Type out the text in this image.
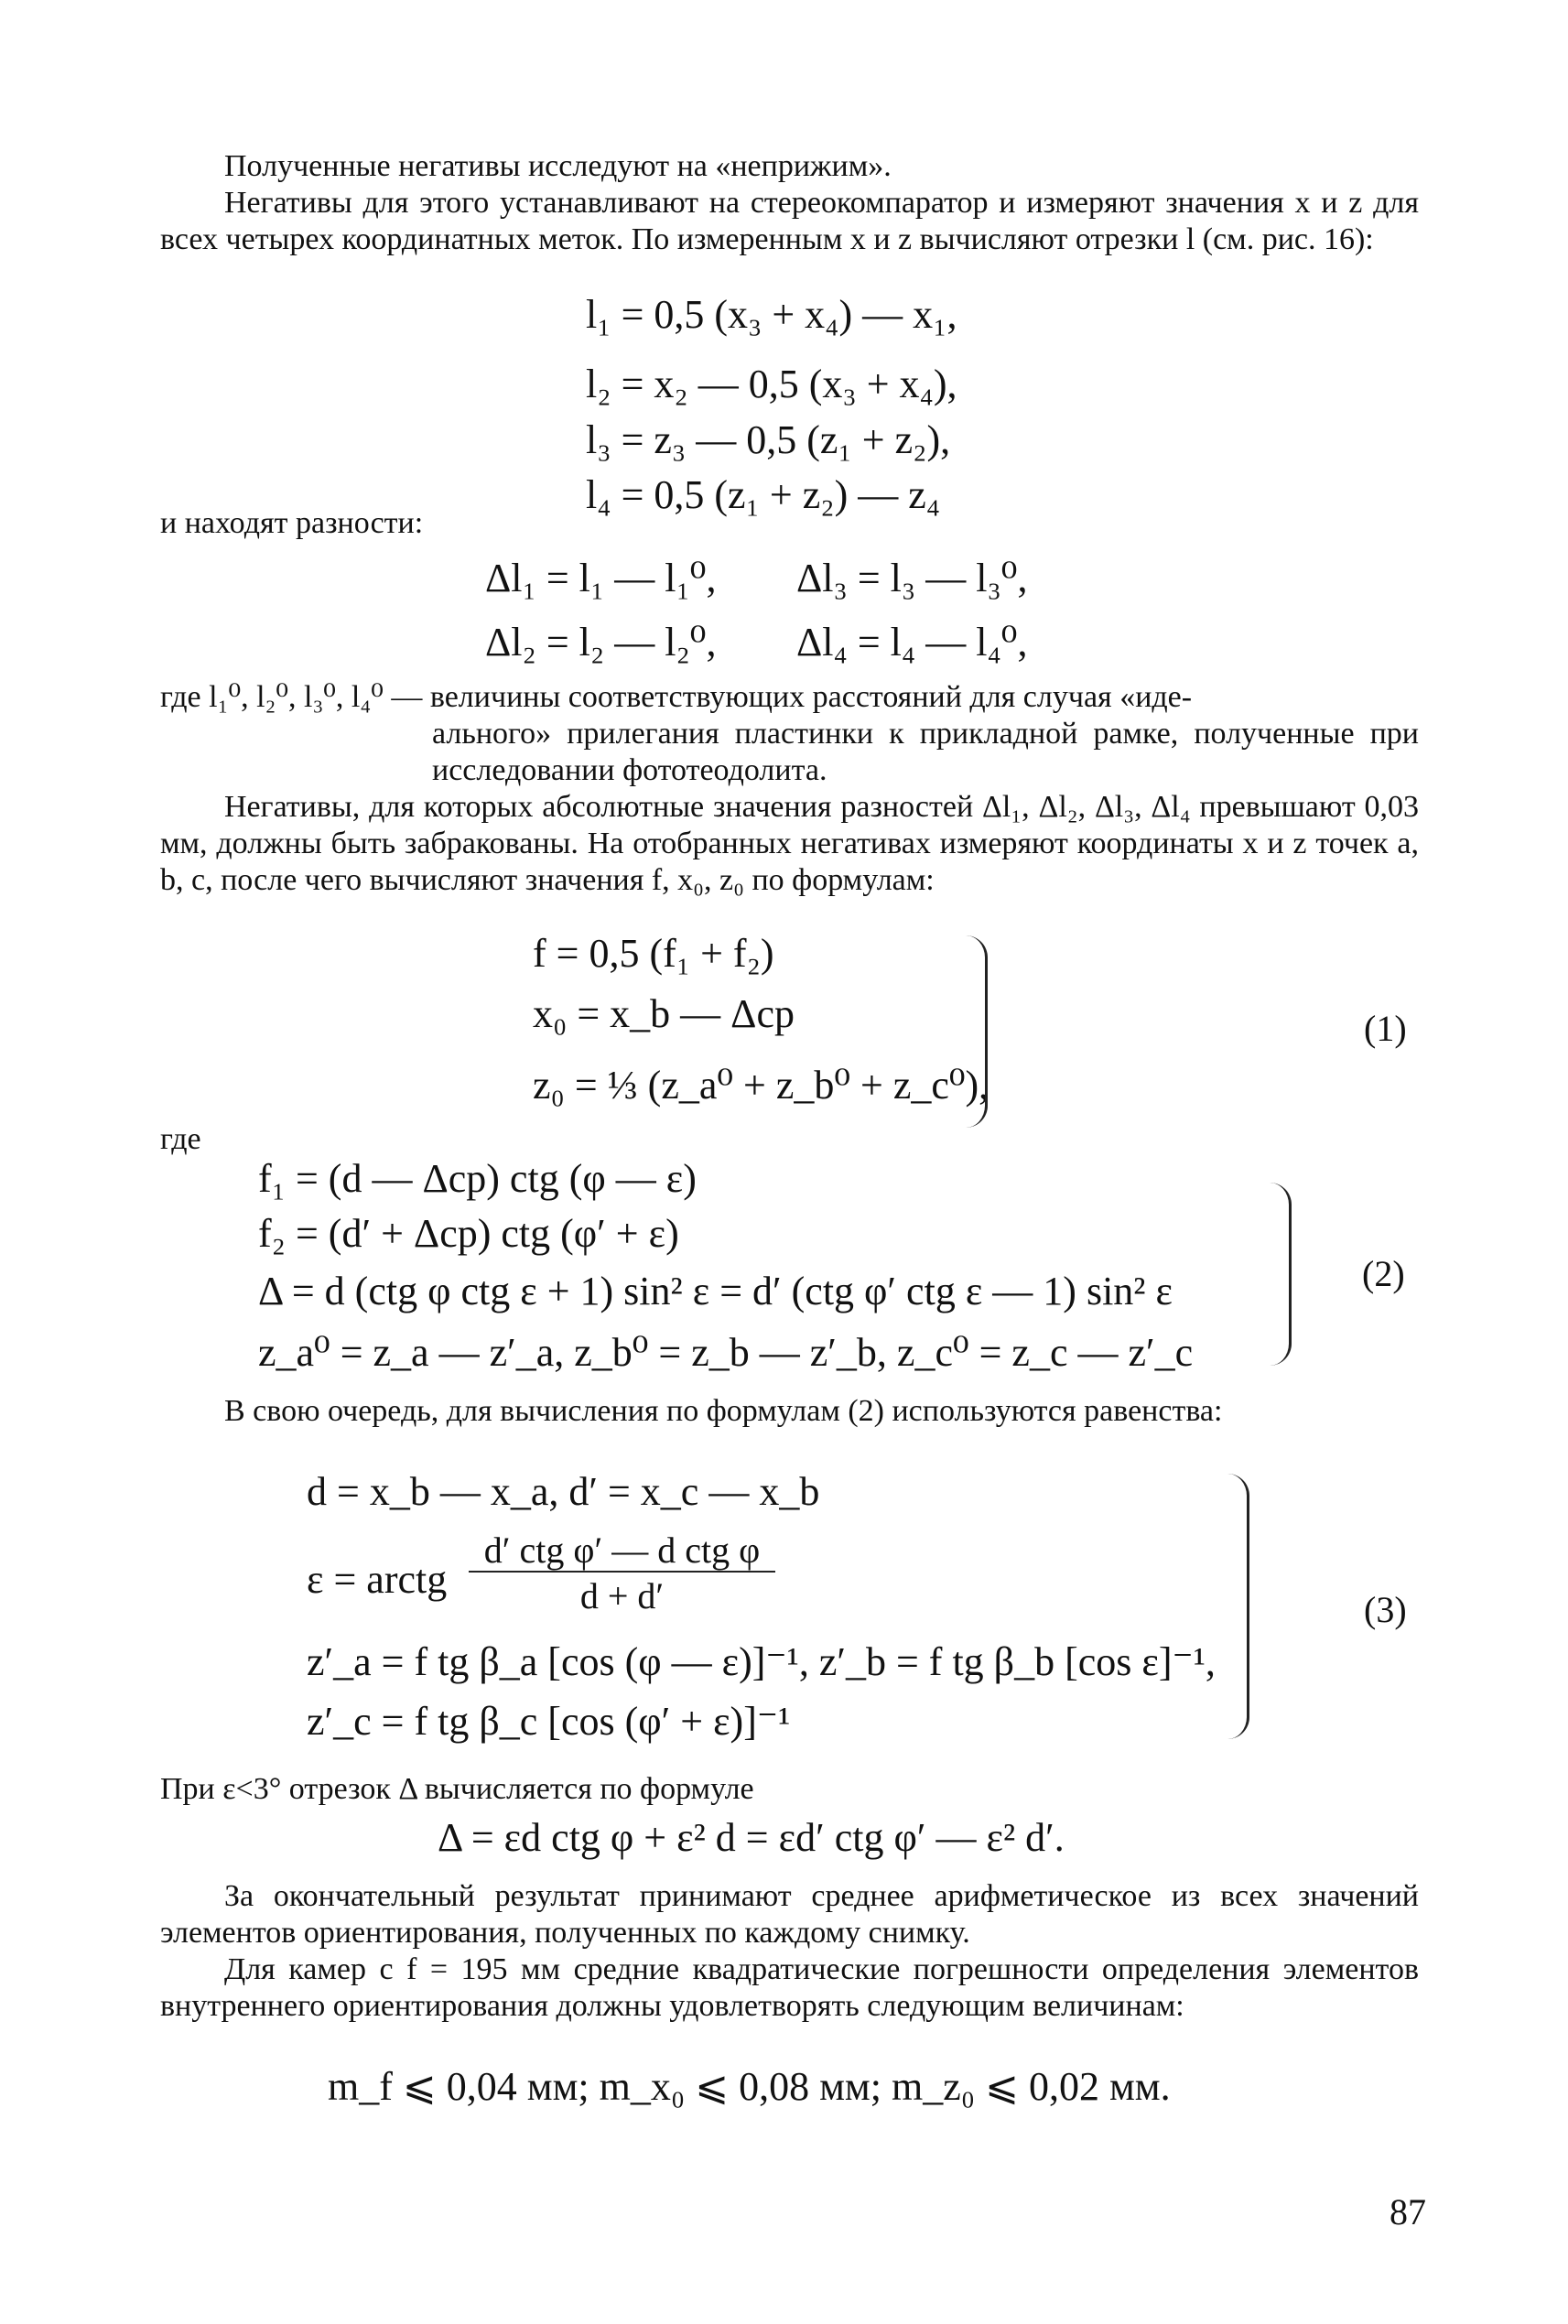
Полученные негативы исследуют на «неприжим».
Негативы для этого устанавливают на стереокомпаратор и измеряют значения x и z для всех четырех координатных меток. По измеренным x и z вычисляют отрезки l (см. рис. 16):
l₁ = 0,5 (x₃ + x₄) — x₁,
l₂ = x₂ — 0,5 (x₃ + x₄),
l₃ = z₃ — 0,5 (z₁ + z₂),
l₄ = 0,5 (z₁ + z₂) — z₄
и находят разности:
Δl₁ = l₁ — l₁⁰, Δl₃ = l₃ — l₃⁰,
Δl₂ = l₂ — l₂⁰, Δl₄ = l₄ — l₄⁰,
где l₁⁰, l₂⁰, l₃⁰, l₄⁰ — величины соответствующих расстояний для случая «иде-
ального» прилегания пластинки к прикладной рамке, полученные при исследовании фототеодолита.
Негативы, для которых абсолютные значения разностей Δl₁, Δl₂, Δl₃, Δl₄ превышают 0,03 мм, должны быть забракованы. На отобранных негативах измеряют координаты x и z точек a, b, c, после чего вычисляют значения f, x₀, z₀ по формулам:
f = 0,5 (f₁ + f₂)
x₀ = x_b — Δср
z₀ = ⅓ (z_a⁰ + z_b⁰ + z_c⁰),
(1)
где
f₁ = (d — Δср) ctg (φ — ε)
f₂ = (d′ + Δср) ctg (φ′ + ε)
Δ = d (ctg φ ctg ε + 1) sin² ε = d′ (ctg φ′ ctg ε — 1) sin² ε
z_a⁰ = z_a — z′_a, z_b⁰ = z_b — z′_b, z_c⁰ = z_c — z′_c
(2)
В свою очередь, для вычисления по формулам (2) используются равенства:
d = x_b — x_a, d′ = x_c — x_b
ε = arctg
d′ ctg φ′ — d ctg φ
d + d′
z′_a = f tg β_a [cos (φ — ε)]⁻¹, z′_b = f tg β_b [cos ε]⁻¹,
z′_c = f tg β_c [cos (φ′ + ε)]⁻¹
(3)
При ε<3° отрезок Δ вычисляется по формуле
Δ = εd ctg φ + ε² d = εd′ ctg φ′ — ε² d′.
За окончательный результат принимают среднее арифметическое из всех значений элементов ориентирования, полученных по каждому снимку.
Для камер с f = 195 мм средние квадратические погрешности определения элементов внутреннего ориентирования должны удовлетворять следующим величинам:
m_f ⩽ 0,04 мм; m_x₀ ⩽ 0,08 мм; m_z₀ ⩽ 0,02 мм.
87
